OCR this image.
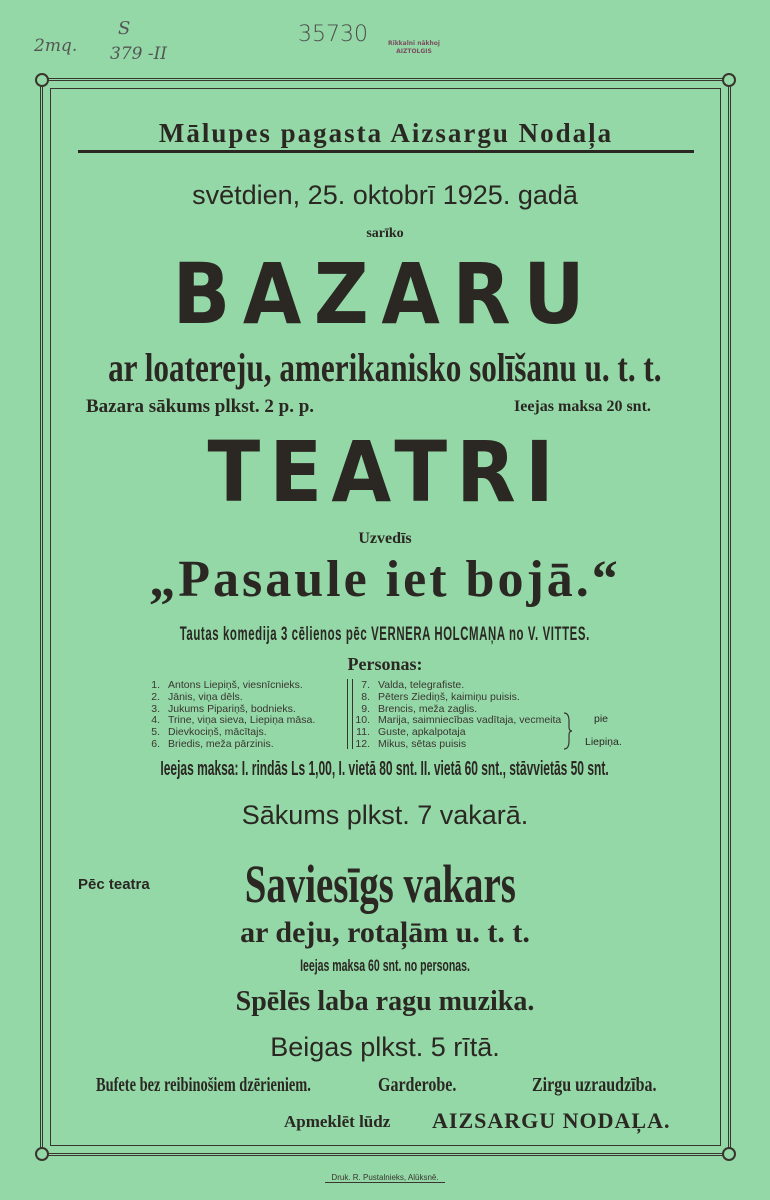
2mq.
S
379 -II
35730	Rīkkalni nākhoj
AIZTOLGIS
Mālupes pagasta Aizsargu Nodaļa
svētdien, 25. oktobrī 1925. gadā
sarīko
BAZARU
ar loatereju, amerikanisko solīšanu u. t. t.
Bazara sākums plkst. 2 p. p.	Ieejas maksa 20 snt.
TEATRI
Uzvedīs
„Pasaule iet bojā.“
Tautas komedija 3 cēlienos pēc VERNERA HOLCMAŅA no V. VITTES.
Personas:
1. Antons Liepiņš, viesnīcnieks.
2. Jānis, viņa dēls.
3. Jukums Pipariņš, bodnieks.
4. Trine, viņa sieva, Liepiņa māsa.
5. Dievkociņš, mācītajs.
6. Briedis, meža pārzinis.
7. Valda, telegrafiste.
8. Pēters Ziediņš, kaimiņu puisis.
9. Brencis, meža zaglis.
10. Marija, saimniecības vadītaja, vecmeita
11. Guste, apkalpotaja
12. Mikus, sētas puisis
pie
Liepiņa.
Ieejas maksa: I. rindās Ls 1,00, I. vietā 80 snt. II. vietā 60 snt., stāvvietās 50 snt.
Sākums plkst. 7 vakarā.
Pēc teatra	Saviesīgs vakars
ar deju, rotaļām u. t. t.
Ieejas maksa 60 snt. no personas.
Spēlēs laba ragu muzika.
Beigas plkst. 5 rītā.
Bufete bez reibinošiem dzērieniem.	Garderobe.	Zirgu uzraudzība.
Apmeklēt lūdz AIZSARGU NODAĻA.
Druk. R. Pustalnieks, Alūksnē.
